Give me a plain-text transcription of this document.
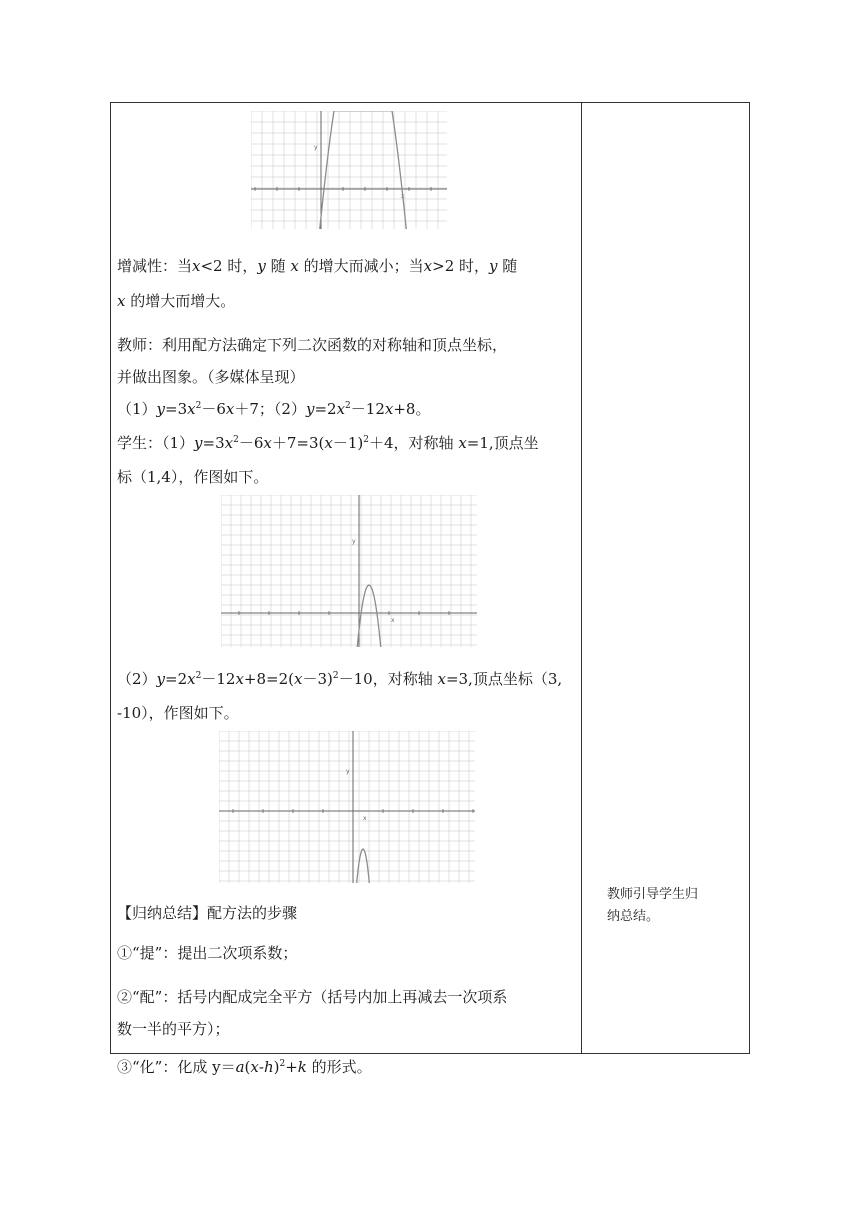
y
x
增减性：当x<2 时，y 随 x 的增大而减小；当x>2 时，y 随
x 的增大而增大。
教师：利用配方法确定下列二次函数的对称轴和顶点坐标，
并做出图象。（多媒体呈现）
$(1)y=3x^2-6x+7$；$(2)y=2x^2-12x+8$。
学生：$(1)y=3x^2-6x+7=3(x-1)^2+4$，对称轴 x=1,顶点坐
标（1,4），作图如下。
y
x
$(2)y=2x^2-12x+8=2(x-3)^2-10$，对称轴 x=3,顶点坐标（3,
-10），作图如下。
y
x
【归纳总结】配方法的步骤
①“提”：提出二次项系数；
②“配”：括号内配成完全平方（括号内加上再减去一次项系
数一半的平方）；
③“化”：化成 $y=a(x-h)^2+k$ 的形式。
教师引导学生归
纳总结。
